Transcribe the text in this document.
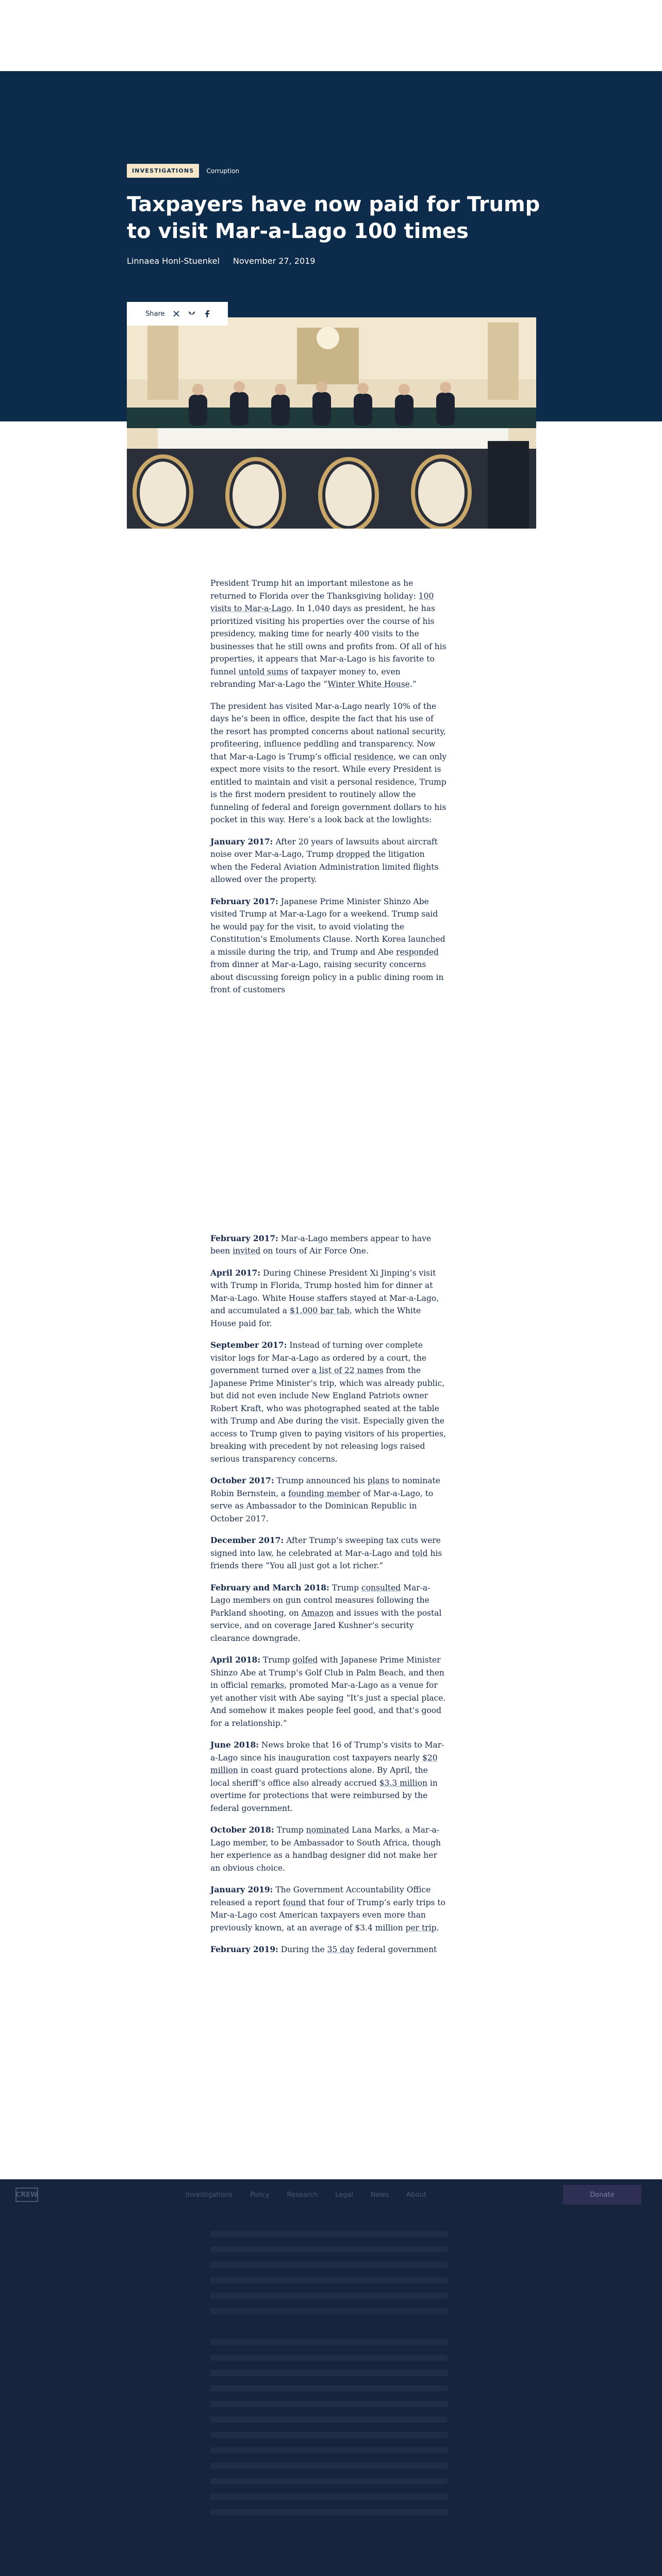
INVESTIGATIONS	Corruption
Taxpayers have now paid for Trump to visit Mar-a-Lago 100 times
Linnaea Honl-Stuenkel November 27, 2019
Share

President Trump hit an important milestone as he returned to Florida over the Thanksgiving holiday: 100 visits to Mar-a-Lago. In 1,040 days as president, he has prioritized visiting his properties over the course of his presidency, making time for nearly 400 visits to the businesses that he still owns and profits from. Of all of his properties, it appears that Mar-a-Lago is his favorite to funnel untold sums of taxpayer money to, even rebranding Mar-a-Lago the “Winter White House.”

The president has visited Mar-a-Lago nearly 10% of the days he’s been in office, despite the fact that his use of the resort has prompted concerns about national security, profiteering, influence peddling and transparency. Now that Mar-a-Lago is Trump’s official residence, we can only expect more visits to the resort. While every President is entitled to maintain and visit a personal residence, Trump is the first modern president to routinely allow the funneling of federal and foreign government dollars to his pocket in this way. Here’s a look back at the lowlights:

January 2017: After 20 years of lawsuits about aircraft noise over Mar-a-Lago, Trump dropped the litigation when the Federal Aviation Administration limited flights allowed over the property.

February 2017: Japanese Prime Minister Shinzo Abe visited Trump at Mar-a-Lago for a weekend. Trump said he would pay for the visit, to avoid violating the Constitution’s Emoluments Clause. North Korea launched a missile during the trip, and Trump and Abe responded from dinner at Mar-a-Lago, raising security concerns about discussing foreign policy in a public dining room in front of customers

February 2017: Mar-a-Lago members appear to have been invited on tours of Air Force One.

April 2017: During Chinese President Xi Jinping’s visit with Trump in Florida, Trump hosted him for dinner at Mar-a-Lago. White House staffers stayed at Mar-a-Lago, and accumulated a $1,000 bar tab, which the White House paid for.

September 2017: Instead of turning over complete visitor logs for Mar-a-Lago as ordered by a court, the government turned over a list of 22 names from the Japanese Prime Minister’s trip, which was already public, but did not even include New England Patriots owner Robert Kraft, who was photographed seated at the table with Trump and Abe during the visit. Especially given the access to Trump given to paying visitors of his properties, breaking with precedent by not releasing logs raised serious transparency concerns.

October 2017: Trump announced his plans to nominate Robin Bernstein, a founding member of Mar-a-Lago, to serve as Ambassador to the Dominican Republic in October 2017.

December 2017: After Trump’s sweeping tax cuts were signed into law, he celebrated at Mar-a-Lago and told his friends there “You all just got a lot richer.”

February and March 2018: Trump consulted Mar-a-Lago members on gun control measures following the Parkland shooting, on Amazon and issues with the postal service, and on coverage Jared Kushner’s security clearance downgrade.

April 2018: Trump golfed with Japanese Prime Minister Shinzo Abe at Trump’s Golf Club in Palm Beach, and then in official remarks, promoted Mar-a-Lago as a venue for yet another visit with Abe saying “It’s just a special place. And somehow it makes people feel good, and that’s good for a relationship.”

June 2018: News broke that 16 of Trump’s visits to Mar-a-Lago since his inauguration cost taxpayers nearly $20 million in coast guard protections alone. By April, the local sheriff’s office also already accrued $3.3 million in overtime for protections that were reimbursed by the federal government.

October 2018: Trump nominated Lana Marks, a Mar-a-Lago member, to be Ambassador to South Africa, though her experience as a handbag designer did not make her an obvious choice.

January 2019: The Government Accountability Office released a report found that four of Trump’s early trips to Mar-a-Lago cost American taxpayers even more than previously known, at an average of $3.4 million per trip.

February 2019: During the 35 day federal government

CREW	Investigations	Policy	Research	Legal	News	About	Donate
